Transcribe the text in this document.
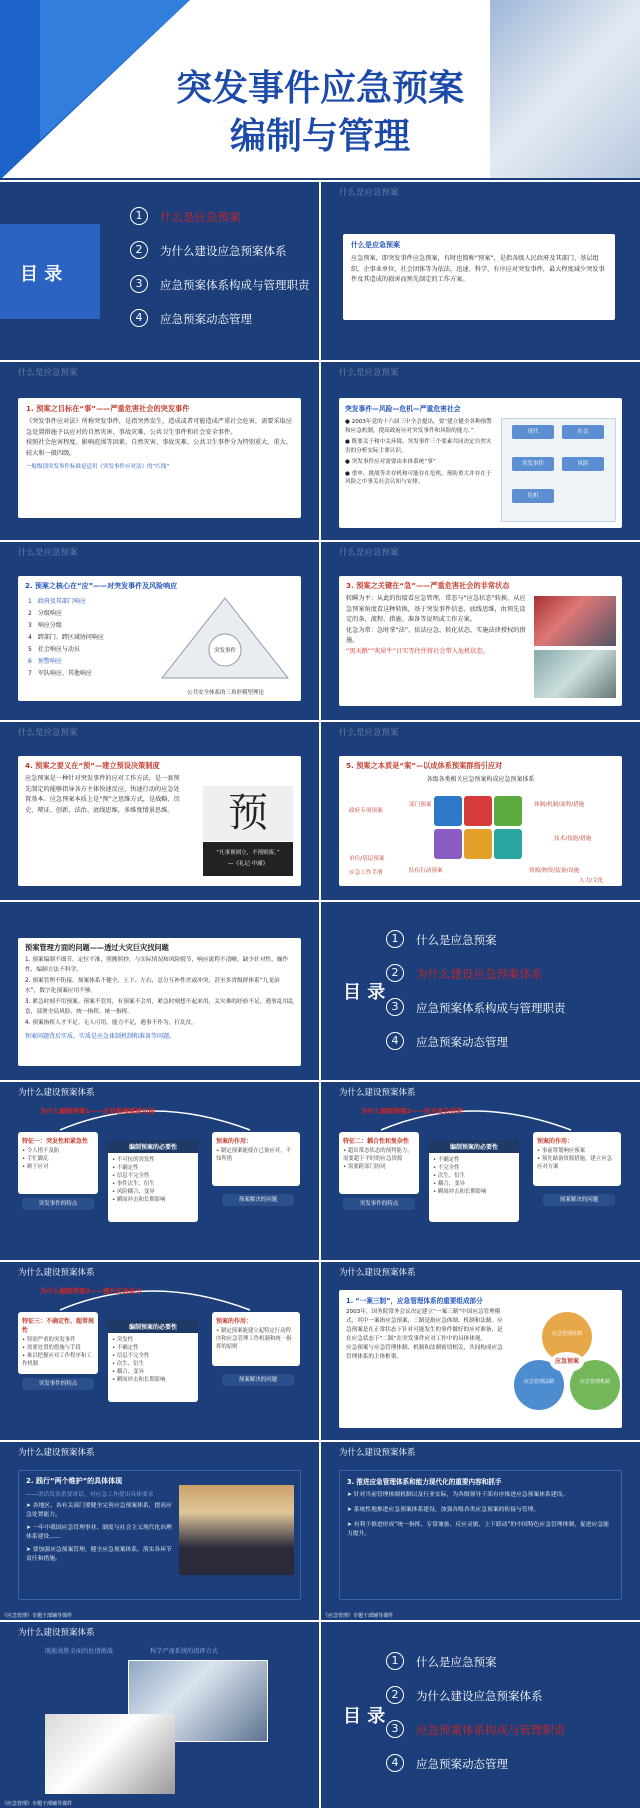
突发事件应急预案
编制与管理
目 录
1	什么是应急预案
2	为什么建设应急预案体系
3	应急预案体系构成与管理职责
4	应急预案动态管理
什么是应急预案
什么是应急预案
应急预案，即突发事件应急预案，有时也简称“预案”，是指各级人民政府及其部门、基层组织、企事业单位、社会团体等为依法、迅速、科学、有序应对突发事件，最大程度减少突发事件及其造成的损害而预先制定的工作方案。
什么是应急预案
1. 预案之目标在“事”——严重危害社会的突发事件
《突发事件应对法》所称突发事件，是指突然发生，造成或者可能造成严重社会危害，需要采取应急处置措施予以应对的自然灾害、事故灾难、公共卫生事件和社会安全事件。
按照社会危害程度、影响范围等因素，自然灾害、事故灾难、公共卫生事件分为特别重大、重大、较大和一般四级。
一般级别突发事件标准是适用《突发事件应对法》的“红线”
什么是应急预案
突发事件—风险—危机—严重危害社会
● 2003年党的十六届三中全会提出，要“建立健全各种预警和应急机制，提高政府应对突发事件和风险的能力。”
● 既要关于和中关环境、突发事件三个要素共同决定自然灾害的分析实际主要认识。
● 突发事件应对需要由本体系统“事”
● 重申、挑战等并存机和可能存在危机，预防重大并存在于风险之中事关社会认知与安排。
现代	社会
突发事件	风险
危机
什么是应急预案
2. 预案之核心在“应”——对突发事件及风险响应
1　政府及其部门响应
2　分级响应
3　响应分级
4　跨部门、跨区域协同响应
5　社会响应与动员
6　预警响应
7　军队响应、其他响应
突发事件
公共安全体系的三角形模型理论
什么是应急预案
3. 预案之关键在“急”——严重危害社会的非常状态
转瞬为平：从此的衔接看应急管理，常态与“应急状态”转换。从应急预案角度看这种转换，基于突发事件信息、底线思维，由预先设定的条、流程、措施、准备等说明或工作方案。
化急为常：急时拿“法”，依法应急、转化状态，实施法律授权的措施。
“黑天鹅”“灰犀牛”日实等往往将社会带入危机状态。
什么是应急预案
4. 预案之要义在“预”—建立预设决策制度
应急预案是一种针对突发事件的应对工作方法，是一套预先制定的能够指导各方主体快速反应，快速行动的应急处置基本。应急预案本质上是“预”之思维方式，是战略、历史、辩证、创新、法治、底线思维，多维度情景思维。	预
“凡事预则立，不预则废。”
—《礼记·中庸》
什么是应急预案
5. 预案之本质是“案”—以成体系预案群指引应对
各级各类相关应急预案构成应急预案体系
政府专项预案
部门预案	体制/机制/流程/措施
技术/技能/措施
单位/基层预案
队伍行动预案	资源/物资/装备/设施
人力/文化
应急工作手册
预案管理方面的问题——透过大灾巨灾找问题
1. 预案编制不细节。定位不准，照搬照抄，与实际情况和风险脱节，响应流程不清晰，缺少针对性、操作性，编制方法不科学。
2. 预案管理不衔接。预案体系不健全，上下、左右，总分互补性差或冲突，甚至多省级群体系“九龙治水”，数字化预案应用不够。
3. 紧急时刻不用预案。预案不管用，有预案不会用，紧急时刻想不起来用，关灾难的经验不足，遇事乱用乱套，部署全局风险、统一指挥、统一指挥。
4. 预案指挥人才不足。无人可用，能力不足，遇事不作为，打乱仗。
预案问题背后实质，实质是应急体制机制和准备等问题。
目 录
1	什么是应急预案
2	为什么建设应急预案体系
3	应急预案体系构成与管理职责
4	应急预案动态管理
为什么建设预案体系
为什么编制预案1——应对极端重要功能
特征一：突发性和紧急性
• 令人措不及防
• 手忙脚乱
• 顾于应对
突发事件的特点
编制预案的必要性
• 不可抗的突发性
• 不确定性
• 信息不完全性
• 事件次生、衍生
• 风险耦合、变异
• 瞬间冲击和长期影响
预案的作用：
• 制定预案能使在已备应对，不知所措
预案解决的问题
为什么建设预案体系
为什么编制预案2——应对复杂形势
特征二：耦合性和复杂性
• 超出常态状态的预判能力，需要超于平时的应急资源
• 需要跨部门协同
突发事件的特点
编制预案的必要性
• 不确定性
• 不完全性
• 次生、衍生
• 耦合、变异
• 瞬间冲击和长期影响
预案的作用：
• 事前筹划响应预案
• 预先储备资源措施，建立应急应对方案
预案解决的问题
为什么建设预案体系
为什么编制预案3——提升应急能力
特征三：不确定性、超常规性
• 特别严重的突发事件
• 需要处置的措施与手段
• 难以把握应对工作程序和工作机制
突发事件的特点
编制预案的必要性
• 突发性
• 不确定性
• 信息不完全性
• 次生、衍生
• 耦合、变异
• 瞬间冲击和长期影响
预案的作用：
• 制定预案能建立起特定行动程序和应急管理工作机制和统一指挥的原则
预案解决的问题
为什么建设预案体系
1. “一案三制”，应急管理体系的重要组成部分
2003年，国务院常务会议决定建立“一案三制”中国应急管理模式，其中一案指应急预案，三制是指应急体制、机制和法制。应急预案是在正常状态下针对可能发生的事件做好的应对准备，是在应急状态下“二制”在突发事件应对工作中的具体体现。
应急预案与应急管理体制、机制和法制密切相关，共同构成应急管理体系的主体框架。
应急管理体制
应急管理法制	应急管理机制
应急预案
为什么建设预案体系
2. 践行“两个维护”的具体体现
——讲话发表重要讲话，对应急工作提出具体要求
➤ 各地区、各有关部门要健全完善应急预案体系，提高应急处置能力。
➤ 一年中我国应急管理事业、制度与社会主义现代化治理体系建设……
➤ 要加强应急预案管理，健全应急预案体系，落实各环节责任和措施。
《应急管理》专题干部辅导课件
为什么建设预案体系
3. 推进应急管理体系和能力现代化的重要内容和抓手
➤ 针对当前管理体制机制以及行业实际，为各级领导干部有序推进应急预案体系建设。
➤ 系统性地推进应急预案体系建设，加强各级各类应急预案的衔接与管理。
➤ 有利于推进形成“统一指挥、专常兼备、反应灵敏、上下联动”的中国特色应急管理体制，促进应急能力提升。
《应急管理》专题干部辅导课件
为什么建设预案体系
既能战胜全面的危情挑战	科学严谨系统的指挥方式
《应急管理》专题干部辅导课件
目 录
1	什么是应急预案
2	为什么建设应急预案体系
3	应急预案体系构成与管理职责
4	应急预案动态管理
